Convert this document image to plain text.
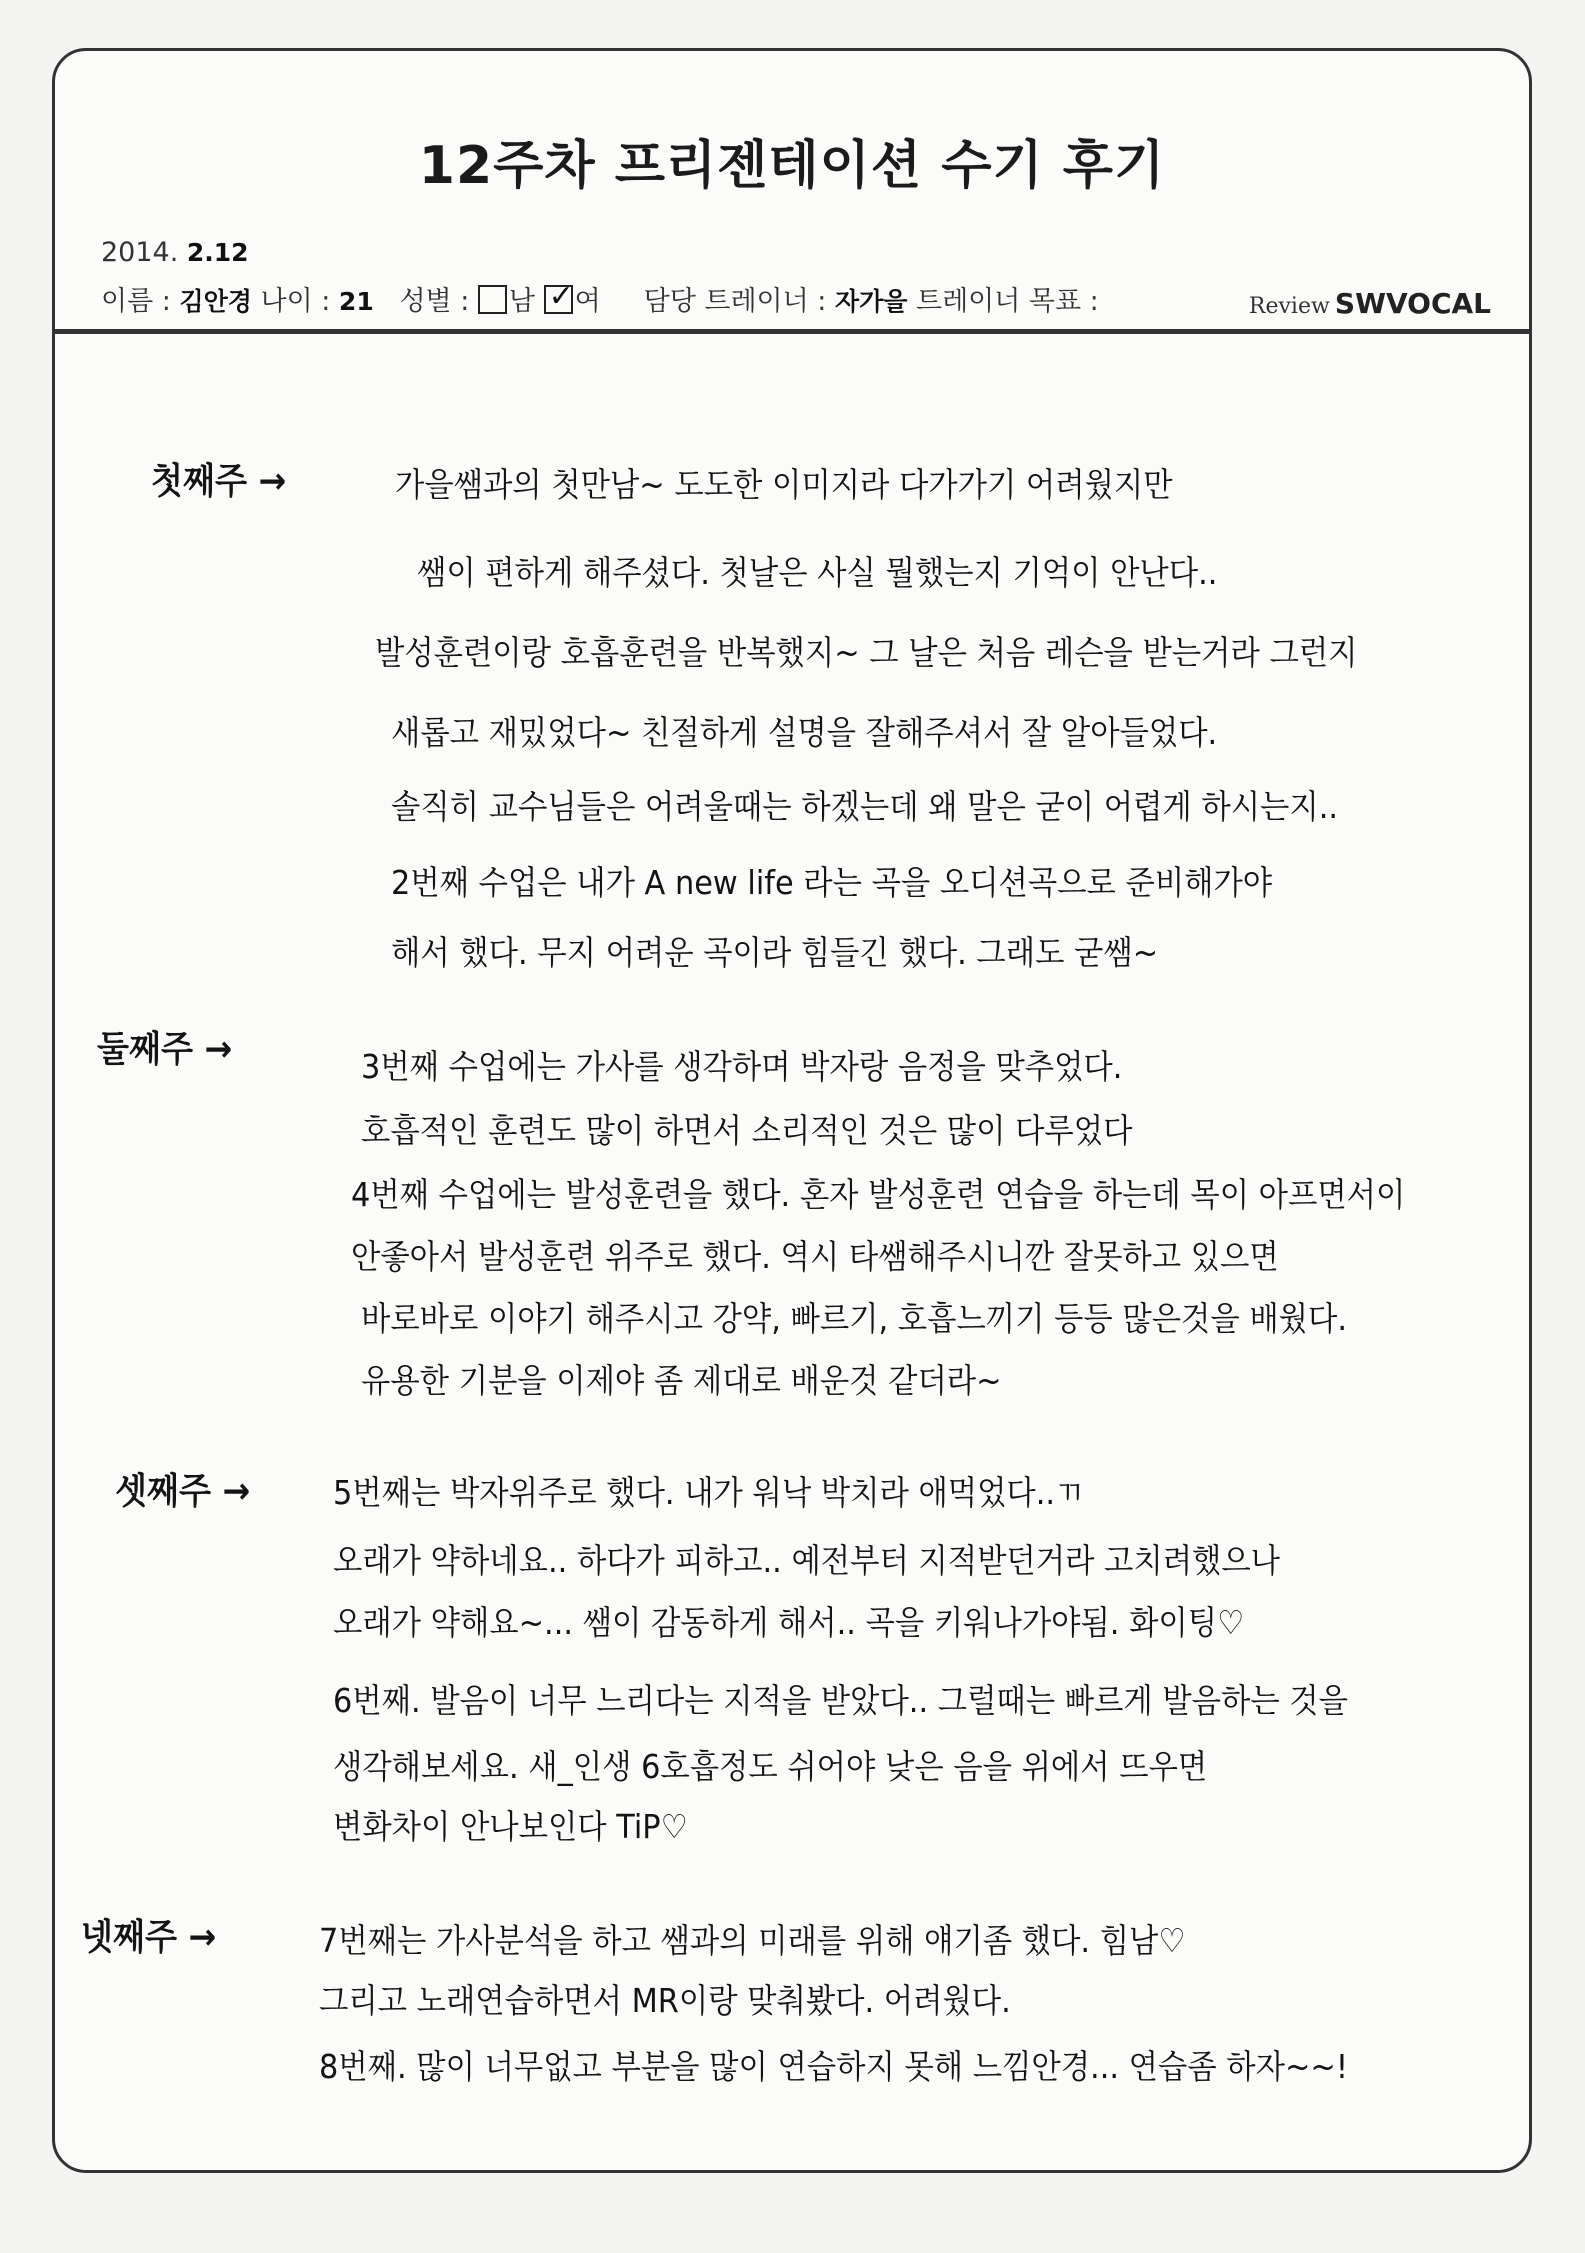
12주차 프리젠테이션 수기 후기
2014. 2.12
이름 : 김안경 나이 : 21 성별 : 남 ✓ 여 담당 트레이너 : 자가을 트레이너 목표 :	Review SWVOCAL
첫째주 →	가을쌤과의 첫만남~ 도도한 이미지라 다가가기 어려웠지만
쌤이 편하게 해주셨다. 첫날은 사실 뭘했는지 기억이 안난다..
발성훈련이랑 호흡훈련을 반복했지~ 그 날은 처음 레슨을 받는거라 그런지
새롭고 재밌었다~ 친절하게 설명을 잘해주셔서 잘 알아들었다.
솔직히 교수님들은 어려울때는 하겠는데 왜 말은 굳이 어렵게 하시는지..
2번째 수업은 내가 A new life 라는 곡을 오디션곡으로 준비해가야
해서 했다. 무지 어려운 곡이라 힘들긴 했다. 그래도 굳쌤~
둘째주 →	3번째 수업에는 가사를 생각하며 박자랑 음정을 맞추었다.
호흡적인 훈련도 많이 하면서 소리적인 것은 많이 다루었다
4번째 수업에는 발성훈련을 했다. 혼자 발성훈련 연습을 하는데 목이 아프면서이
안좋아서 발성훈련 위주로 했다. 역시 타쌤해주시니깐 잘못하고 있으면
바로바로 이야기 해주시고 강약, 빠르기, 호흡느끼기 등등 많은것을 배웠다.
유용한 기분을 이제야 좀 제대로 배운것 같더라~
셋째주 →	5번째는 박자위주로 했다. 내가 워낙 박치라 애먹었다..ㄲ
오래가 약하네요.. 하다가 피하고.. 예전부터 지적받던거라 고치려했으나
오래가 약해요~... 쌤이 감동하게 해서.. 곡을 키워나가야됨. 화이팅♡
6번째. 발음이 너무 느리다는 지적을 받았다.. 그럴때는 빠르게 발음하는 것을
생각해보세요. 새_인생 6호흡정도 쉬어야 낮은 음을 위에서 뜨우면
변화차이 안나보인다 TiP♡
넷째주 →	7번째는 가사분석을 하고 쌤과의 미래를 위해 얘기좀 했다. 힘남♡
그리고 노래연습하면서 MR이랑 맞춰봤다. 어려웠다.
8번째. 많이 너무없고 부분을 많이 연습하지 못해 느낌안경... 연습좀 하자~~!
